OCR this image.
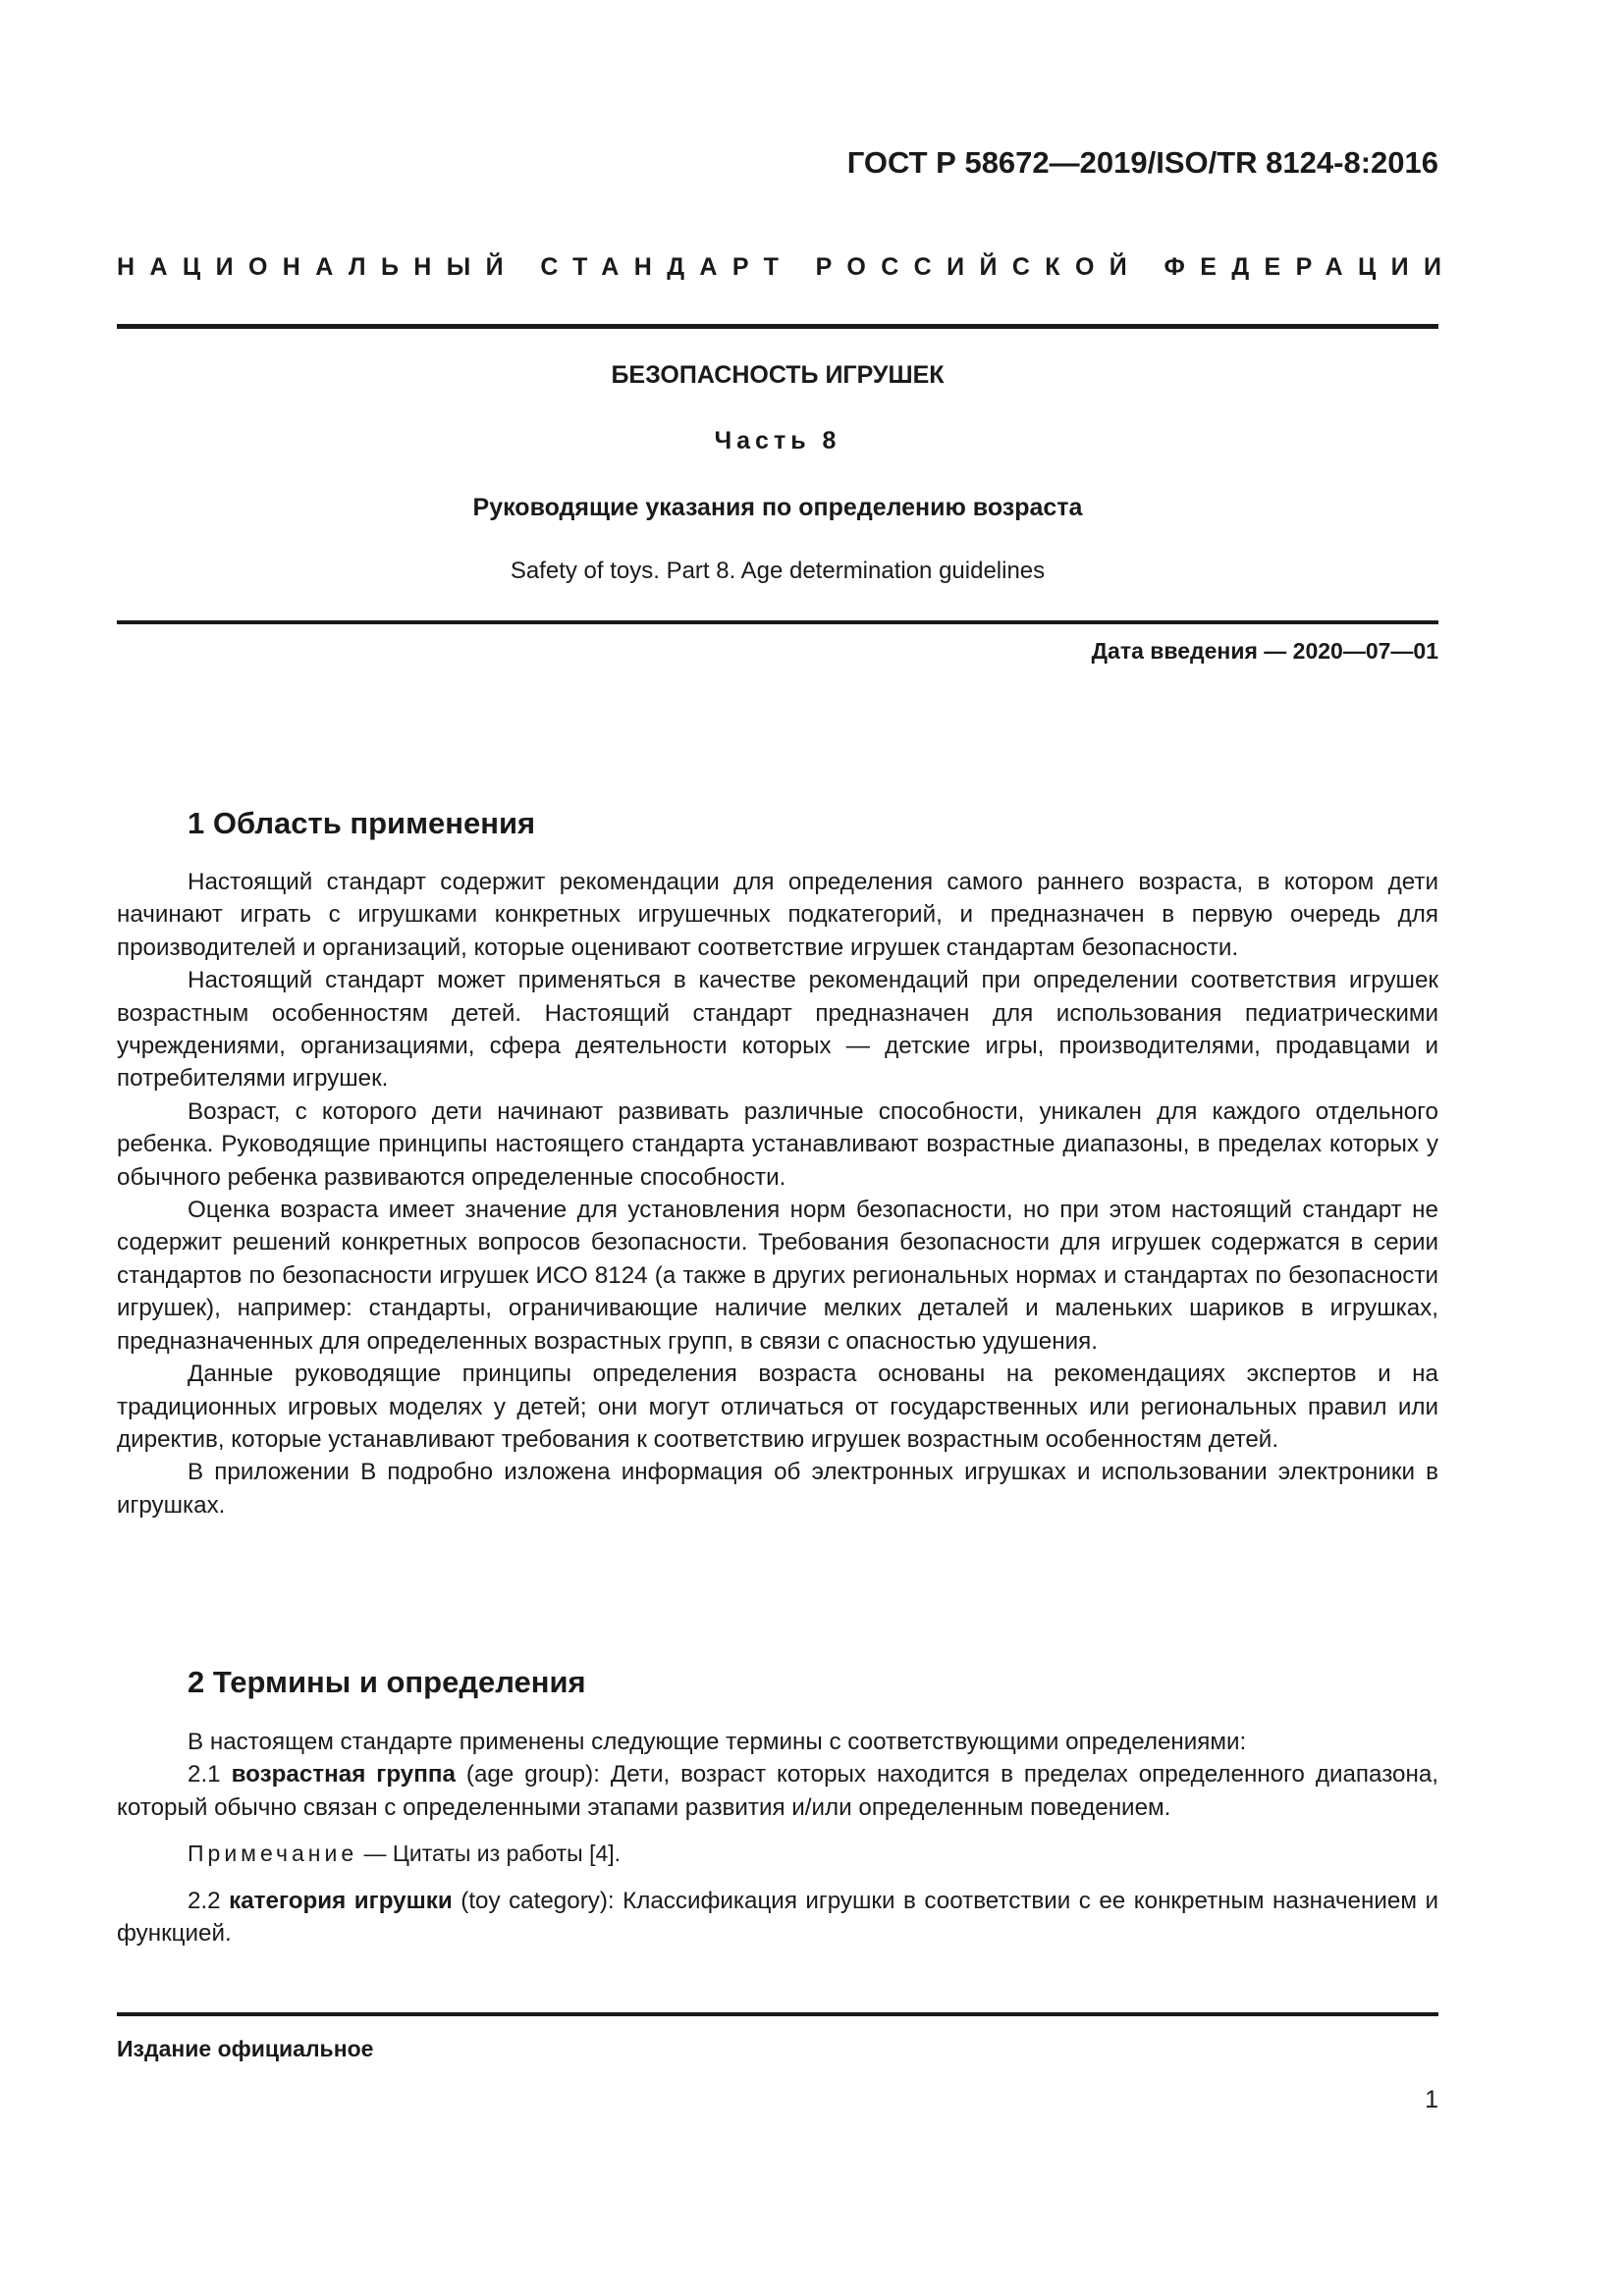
ГОСТ Р 58672—2019/ISO/TR 8124-8:2016
НАЦИОНАЛЬНЫЙ СТАНДАРТ РОССИЙСКОЙ ФЕДЕРАЦИИ
БЕЗОПАСНОСТЬ ИГРУШЕК
Часть 8
Руководящие указания по определению возраста
Safety of toys. Part 8. Age determination guidelines
Дата введения — 2020—07—01
1 Область применения

Настоящий стандарт содержит рекомендации для определения самого раннего возраста, в котором дети начинают играть с игрушками конкретных игрушечных подкатегорий, и предназначен в первую очередь для производителей и организаций, которые оценивают соответствие игрушек стандартам безопасности.

Настоящий стандарт может применяться в качестве рекомендаций при определении соответствия игрушек возрастным особенностям детей. Настоящий стандарт предназначен для использования педиатрическими учреждениями, организациями, сфера деятельности которых — детские игры, производителями, продавцами и потребителями игрушек.

Возраст, с которого дети начинают развивать различные способности, уникален для каждого отдельного ребенка. Руководящие принципы настоящего стандарта устанавливают возрастные диапазоны, в пределах которых у обычного ребенка развиваются определенные способности.

Оценка возраста имеет значение для установления норм безопасности, но при этом настоящий стандарт не содержит решений конкретных вопросов безопасности. Требования безопасности для игрушек содержатся в серии стандартов по безопасности игрушек ИСО 8124 (а также в других региональных нормах и стандартах по безопасности игрушек), например: стандарты, ограничивающие наличие мелких деталей и маленьких шариков в игрушках, предназначенных для определенных возрастных групп, в связи с опасностью удушения.

Данные руководящие принципы определения возраста основаны на рекомендациях экспертов и на традиционных игровых моделях у детей; они могут отличаться от государственных или региональных правил или директив, которые устанавливают требования к соответствию игрушек возрастным особенностям детей.

В приложении В подробно изложена информация об электронных игрушках и использовании электроники в игрушках.

2 Термины и определения

В настоящем стандарте применены следующие термины с соответствующими определениями:

2.1 возрастная группа (age group): Дети, возраст которых находится в пределах определенного диапазона, который обычно связан с определенными этапами развития и/или определенным поведением.

Примечание — Цитаты из работы [4].

2.2 категория игрушки (toy category): Классификация игрушки в соответствии с ее конкретным назначением и функцией.

Издание официальное
1
